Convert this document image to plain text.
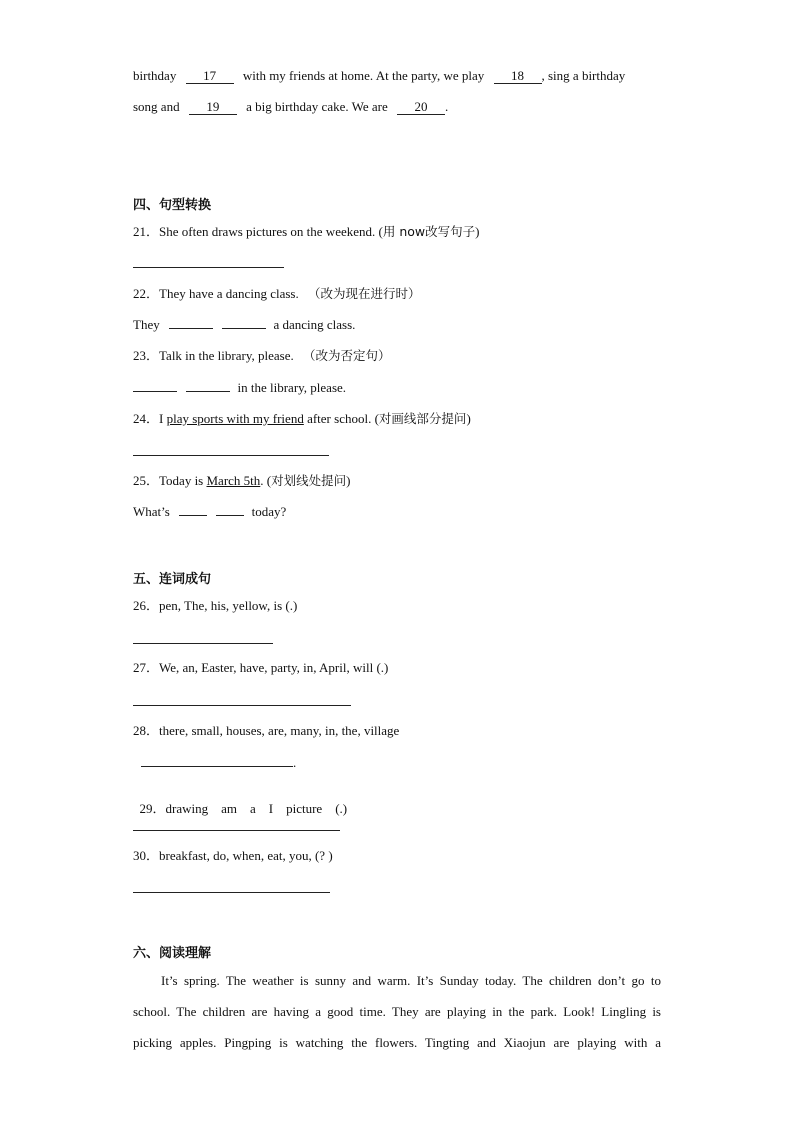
birthday 17 with my friends at home. At the party, we play 18 , sing a birthday
song and 19 a big birthday cake. We are 20 .
四、句型转换
21．She often draws pictures on the weekend. (用 now改写句子)
22．They have a dancing class. （改为现在进行时）
They	a dancing class.
23．Talk in the library, please. （改为否定句）
in the library, please.
24．I play sports with my friend after school. (对画线部分提问)
25．Today is March 5th. (对划线处提问)
What’s	today?
五、连词成句
26．pen, The, his, yellow, is (.)
27．We, an, Easter, have, party, in, April, will (.)
28．there, small, houses, are, many, in, the, village
.

29．drawing    am    a    I    picture    (.)

30．breakfast, do, when, eat, you, (? )
六、阅读理解
It’s spring. The weather is sunny and warm. It’s Sunday today. The children don’t go to
school. The children are having a good time. They are playing in the park. Look! Lingling is
picking apples. Pingping is watching the flowers. Tingting and Xiaojun are playing with a
